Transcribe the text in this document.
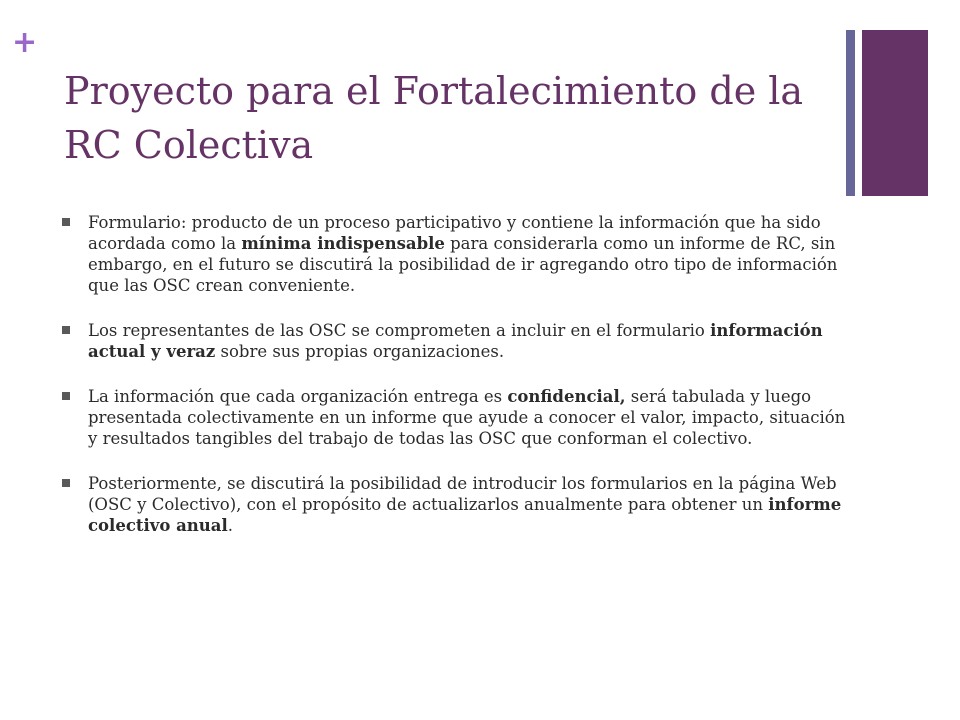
+
Proyecto para el Fortalecimiento de la RC Colectiva
Formulario: producto de un proceso participativo y contiene la información que ha sido acordada como la mínima indispensable para considerarla como un informe de RC, sin embargo, en el futuro se discutirá la posibilidad de ir agregando otro tipo de información que las OSC crean conveniente.
Los representantes de las OSC se comprometen a incluir en el formulario información actual y veraz sobre sus propias organizaciones.
La información que cada organización entrega es confidencial, será tabulada y luego presentada colectivamente en un informe que ayude a conocer el valor, impacto, situación y resultados tangibles del trabajo de todas las OSC que conforman el colectivo.
Posteriormente, se discutirá la posibilidad de introducir los formularios en la página Web (OSC y Colectivo), con el propósito de actualizarlos anualmente para obtener un informe colectivo anual.
